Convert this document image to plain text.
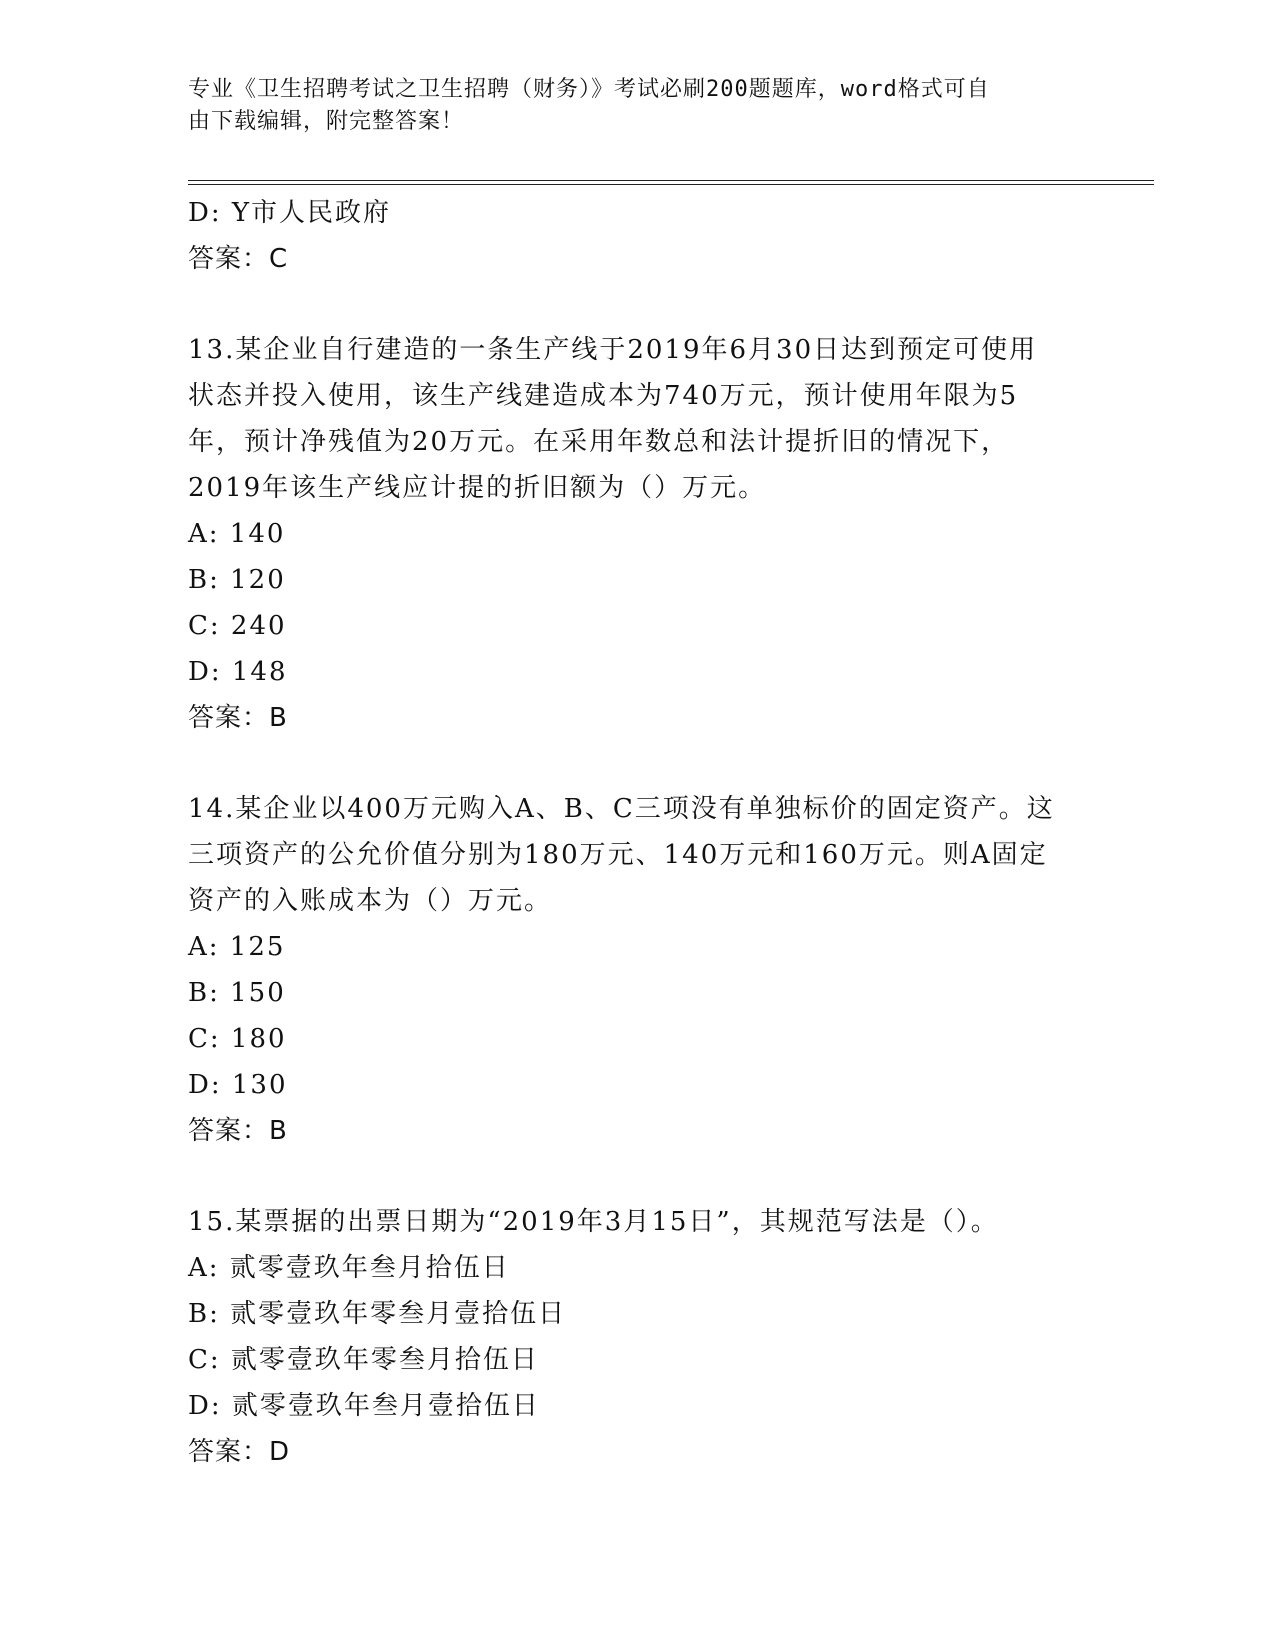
专业《卫生招聘考试之卫生招聘（财务）》考试必刷200题题库，word格式可自
由下载编辑，附完整答案！
D: Y市人民政府
答案：C
13.某企业自行建造的一条生产线于2019年6月30日达到预定可使用
状态并投入使用，该生产线建造成本为740万元，预计使用年限为5
年，预计净残值为20万元。在采用年数总和法计提折旧的情况下，
2019年该生产线应计提的折旧额为（）万元。
A: 140
B: 120
C: 240
D: 148
答案：B
14.某企业以400万元购入A、B、C三项没有单独标价的固定资产。这
三项资产的公允价值分别为180万元、140万元和160万元。则A固定
资产的入账成本为（）万元。
A: 125
B: 150
C: 180
D: 130
答案：B
15.某票据的出票日期为“2019年3月15日”，其规范写法是（）。
A: 贰零壹玖年叁月拾伍日
B: 贰零壹玖年零叁月壹拾伍日
C: 贰零壹玖年零叁月拾伍日
D: 贰零壹玖年叁月壹拾伍日
答案：D
